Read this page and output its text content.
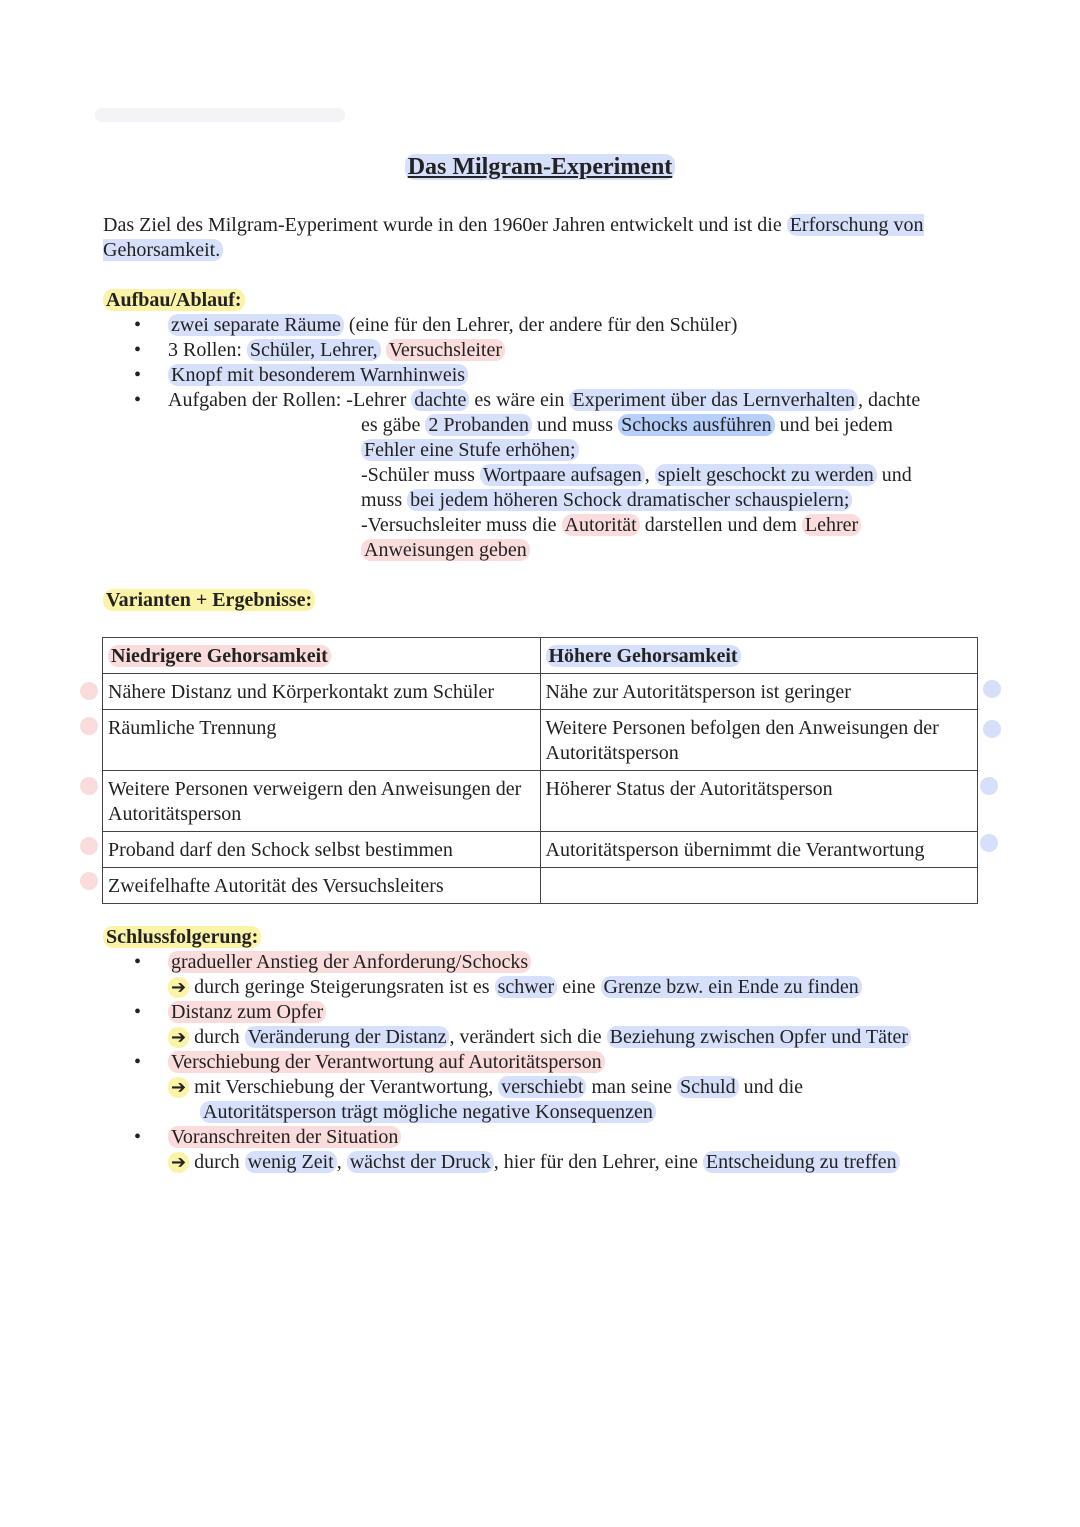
Das Milgram-Experiment
Das Ziel des Milgram-Eyperiment wurde in den 1960er Jahren entwickelt und ist die Erforschung von Gehorsamkeit.
Aufbau/Ablauf:
• zwei separate Räume (eine für den Lehrer, der andere für den Schüler)
• 3 Rollen: Schüler, Lehrer, Versuchsleiter
• Knopf mit besonderem Warnhinweis
• Aufgaben der Rollen: -Lehrer dachte es wäre ein Experiment über das Lernverhalten , dachte
es gäbe 2 Probanden und muss Schocks ausführen und bei jedem
Fehler eine Stufe erhöhen;
-Schüler muss Wortpaare aufsagen , spielt geschockt zu werden und
muss bei jedem höheren Schock dramatischer schauspielern;
-Versuchsleiter muss die Autorität darstellen und dem Lehrer
Anweisungen geben
Varianten + Ergebnisse:
Niedrigere Gehorsamkeit	Höhere Gehorsamkeit
Nähere Distanz und Körperkontakt zum Schüler	Nähe zur Autoritätsperson ist geringer
Räumliche Trennung	Weitere Personen befolgen den Anweisungen der Autoritätsperson
Weitere Personen verweigern den Anweisungen der Autoritätsperson	Höherer Status der Autoritätsperson
Proband darf den Schock selbst bestimmen	Autoritätsperson übernimmt die Verantwortung
Zweifelhafte Autorität des Versuchsleiters	
Schlussfolgerung:
• gradueller Anstieg der Anforderung/Schocks
➔ durch geringe Steigerungsraten ist es schwer eine Grenze bzw. ein Ende zu finden
• Distanz zum Opfer
➔ durch Veränderung der Distanz , verändert sich die Beziehung zwischen Opfer und Täter
• Verschiebung der Verantwortung auf Autoritätsperson
➔ mit Verschiebung der Verantwortung, verschiebt man seine Schuld und die
Autoritätsperson trägt mögliche negative Konsequenzen
• Voranschreiten der Situation
➔ durch wenig Zeit , wächst der Druck , hier für den Lehrer, eine Entscheidung zu treffen
